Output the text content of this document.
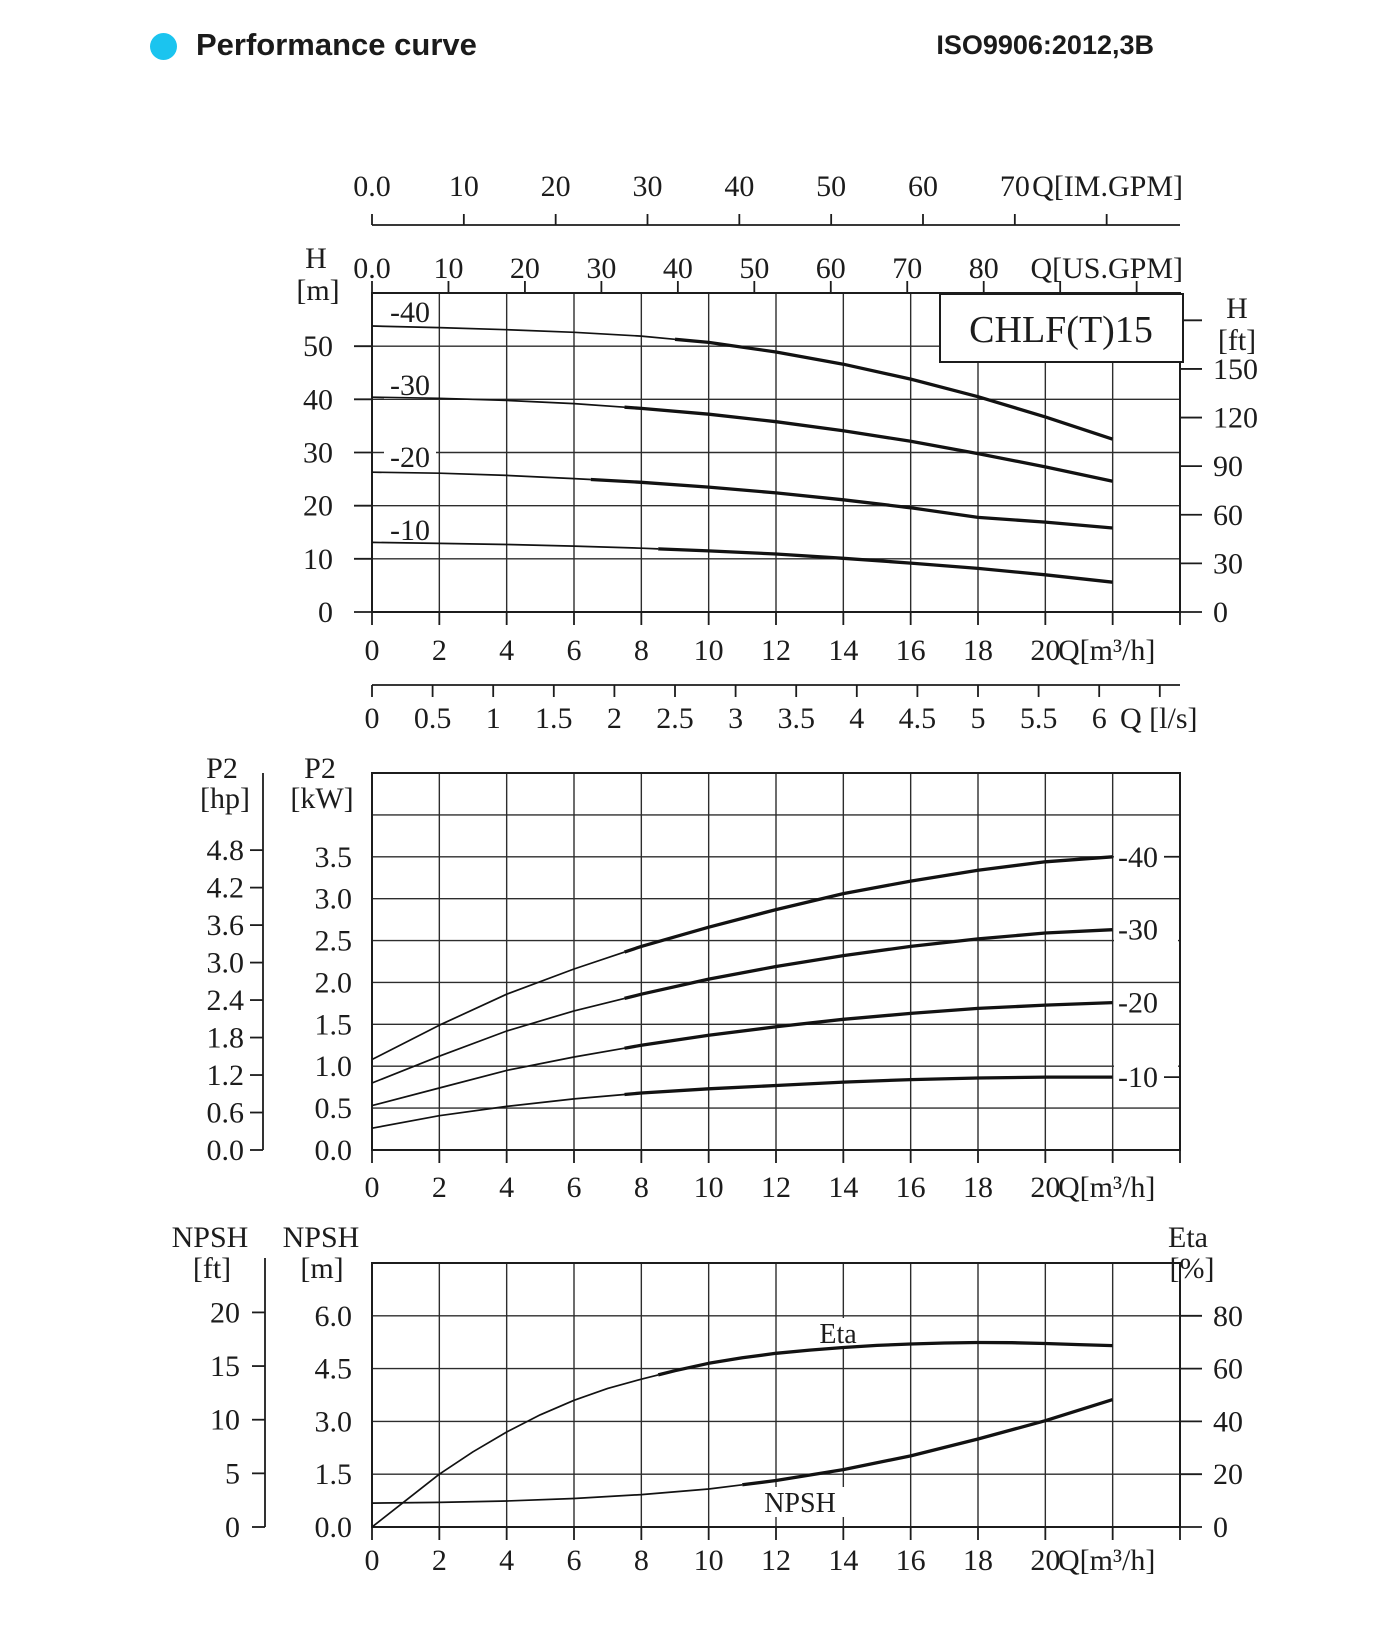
Performance curve	ISO9906:2012,3B
0
10
20
30
40
50
H
[m]
0
30
60
90
120
150
H
[ft]
0 2 4 6 8 10 12 14 16 18 20
Q[m³/h]
0.0 10 20 30 40 50 60 70 80 Q[US.GPM]
0.0 10 20 30 40 50 60 70 Q[IM.GPM]
0 0.5 1 1.5 2 2.5 3 3.5 4 4.5 5 5.5 6 Q [l/s]
-40
-30
-20
-10
CHLF(T)15
0.0
0.5
1.0
1.5
2.0
2.5
3.0
3.5
P2
[kW]
0.0
0.6
1.2
1.8
2.4
3.0
3.6
4.2
4.8
P2
[hp]
0 2 4 6 8 10 12 14 16 18 20
Q[m³/h]
-40
-30
-20
-10
0.0
1.5
3.0
4.5
6.0
NPSH
[m]
0
5
10
15
20
NPSH
[ft]
0
20
40
60
80
Eta
[%]
0 2 4 6 8 10 12 14 16 18 20
Q[m³/h]
Eta
NPSH
